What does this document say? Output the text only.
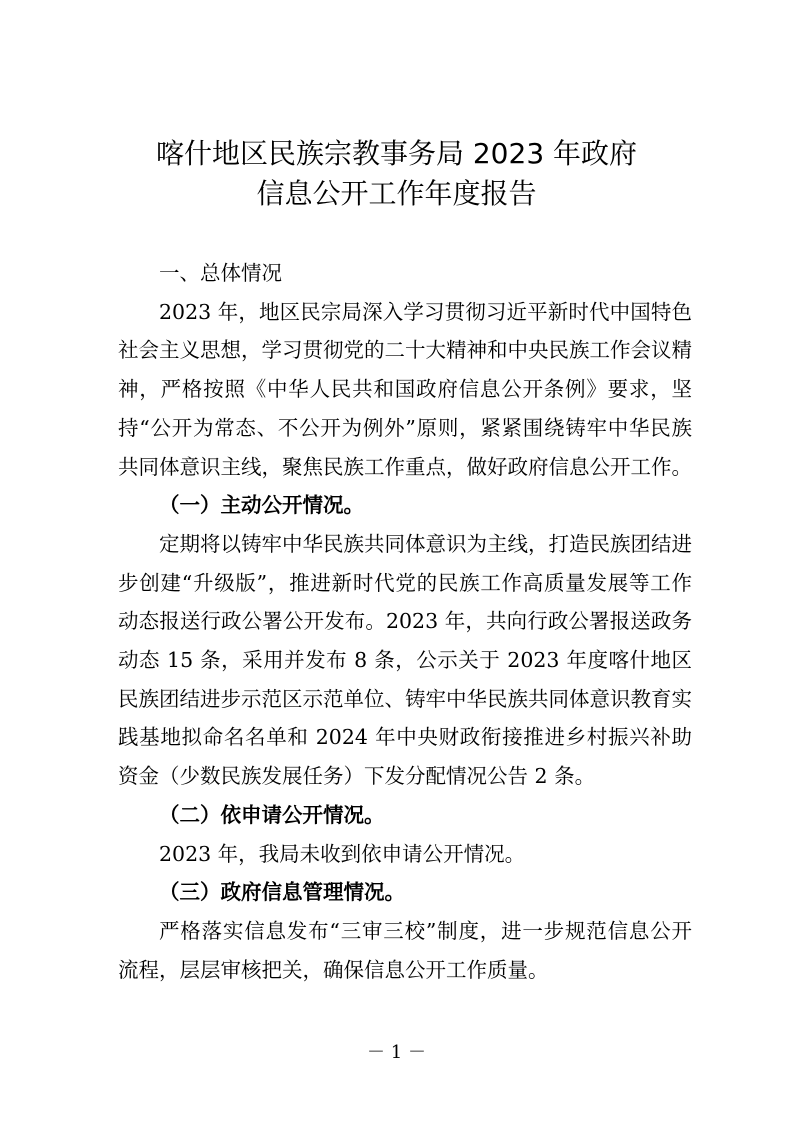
喀什地区民族宗教事务局 2023 年政府
信息公开工作年度报告

一、总体情况

2023 年，地区民宗局深入学习贯彻习近平新时代中国特色社会主义思想，学习贯彻党的二十大精神和中央民族工作会议精神，严格按照《中华人民共和国政府信息公开条例》要求，坚持“公开为常态、不公开为例外”原则，紧紧围绕铸牢中华民族共同体意识主线，聚焦民族工作重点，做好政府信息公开工作。

（一）主动公开情况。

定期将以铸牢中华民族共同体意识为主线，打造民族团结进步创建“升级版”，推进新时代党的民族工作高质量发展等工作动态报送行政公署公开发布。2023 年，共向行政公署报送政务动态 15 条，采用并发布 8 条，公示关于 2023 年度喀什地区民族团结进步示范区示范单位、铸牢中华民族共同体意识教育实践基地拟命名名单和 2024 年中央财政衔接推进乡村振兴补助资金（少数民族发展任务）下发分配情况公告 2 条。

（二）依申请公开情况。

2023 年，我局未收到依申请公开情况。

（三）政府信息管理情况。

严格落实信息发布“三审三校”制度，进一步规范信息公开流程，层层审核把关，确保信息公开工作质量。

－ 1 －
